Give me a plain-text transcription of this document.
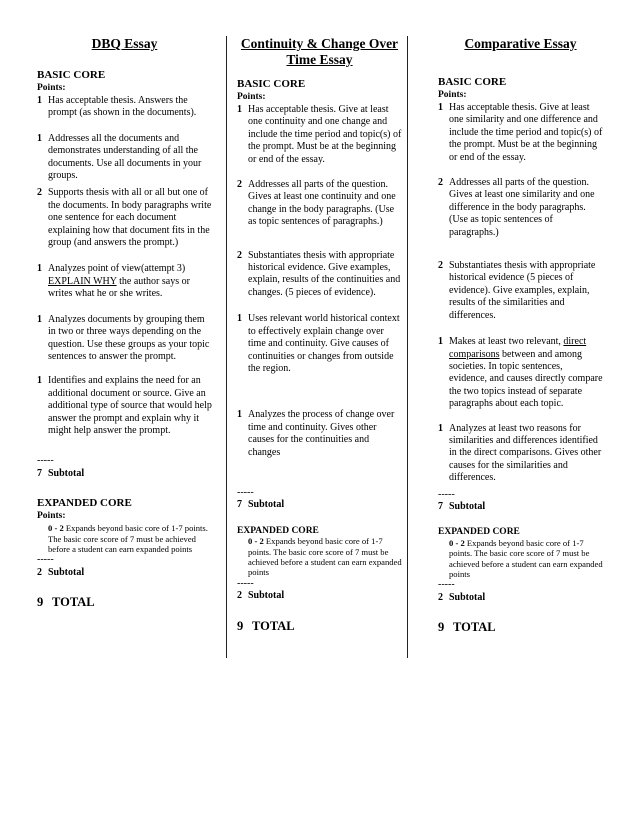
DBQ Essay

BASIC CORE

Points:

1 Has acceptable thesis. Answers the prompt (as shown in the documents).
1 Addresses all the documents and demonstrates understanding of all the documents. Use all documents in your groups.
2 Supports thesis with all or all but one of the documents. In body paragraphs write one sentence for each document explaining how that document fits in the group (and answers the prompt.)
1 Analyzes point of view(attempt 3) EXPLAIN WHY the author says or writes what he or she writes.
1 Analyzes documents by grouping them in two or three ways depending on the question. Use these groups as your topic sentences to answer the prompt.
1 Identifies and explains the need for an additional document or source. Give an additional type of source that would help answer the prompt and explain why it might help answer the prompt.

-----

7 Subtotal

EXPANDED CORE

Points:

0 - 2 Expands beyond basic core of 1-7 points. The basic core score of 7 must be achieved before a student can earn expanded points

-----

2 Subtotal

9 TOTAL

Continuity & Change Over Time Essay

BASIC CORE

Points:

1 Has acceptable thesis. Give at least one continuity and one change and include the time period and topic(s) of the prompt. Must be at the beginning or end of the essay.
2 Addresses all parts of the question. Gives at least one continuity and one change in the body paragraphs. (Use as topic sentences of paragraphs.)
2 Substantiates thesis with appropriate historical evidence. Give examples, explain, results of the continuities and changes. (5 pieces of evidence).
1 Uses relevant world historical context to effectively explain change over time and continuity. Give causes of continuities or changes from outside the region.
1 Analyzes the process of change over time and continuity. Gives other causes for the continuities and changes

-----

7 Subtotal

EXPANDED CORE

0 - 2 Expands beyond basic core of 1-7 points. The basic core score of 7 must be achieved before a student can earn expanded points

-----

2 Subtotal

9 TOTAL

Comparative Essay

BASIC CORE

Points:

1 Has acceptable thesis. Give at least one similarity and one difference and include the time period and topic(s) of the prompt. Must be at the beginning or end of the essay.
2 Addresses all parts of the question. Gives at least one similarity and one difference in the body paragraphs. (Use as topic sentences of paragraphs.)
2 Substantiates thesis with appropriate historical evidence (5 pieces of evidence). Give examples, explain, results of the similarities and differences.
1 Makes at least two relevant, direct comparisons between and among societies. In topic sentences, evidence, and causes directly compare the two topics instead of separate paragraphs about each topic.
1 Analyzes at least two reasons for similarities and differences identified in the direct comparisons. Gives other causes for the similarities and differences.

-----

7 Subtotal

EXPANDED CORE

0 - 2 Expands beyond basic core of 1-7 points. The basic core score of 7 must be achieved before a student can earn expanded points

-----

2 Subtotal

9 TOTAL
